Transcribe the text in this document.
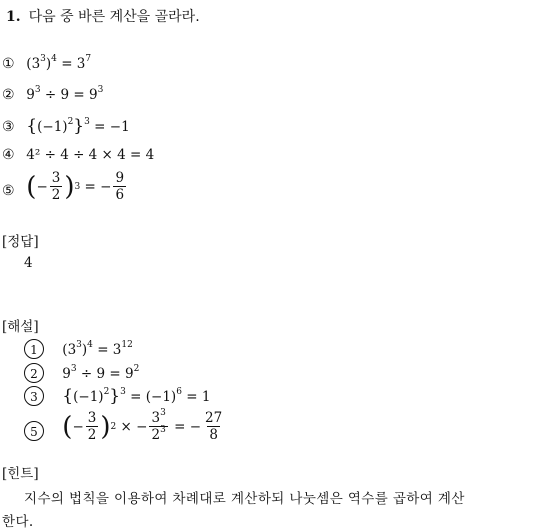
1. 다음 중 바른 계산을 골라라.
① $(3^3)^4 = 3^7$
② $9^3 \div 9 = 9^3$
③ $\{(-1)^2\}^3 = -1$
④ 4² ÷ 4 ÷ 4 × 4 = 4
⑤ ( − $\frac{3}{2}$ ) 3 = − $\frac{9}{6}$
[정답]
4
[해설]
1 $(3^3)^4 = 3^{12}$
2 $9^3 \div 9 = 9^2$
3 $\{(-1)^2\}^3 = (-1)^6 = 1$
5 ( − $\frac{3}{2}$ ) 2 × − $\frac{3^3}{2^3}$ = − $\frac{27}{8}$
[힌트]
지수의 법칙을 이용하여 차례대로 계산하되 나눗셈은 역수를 곱하여 계산
한다.
